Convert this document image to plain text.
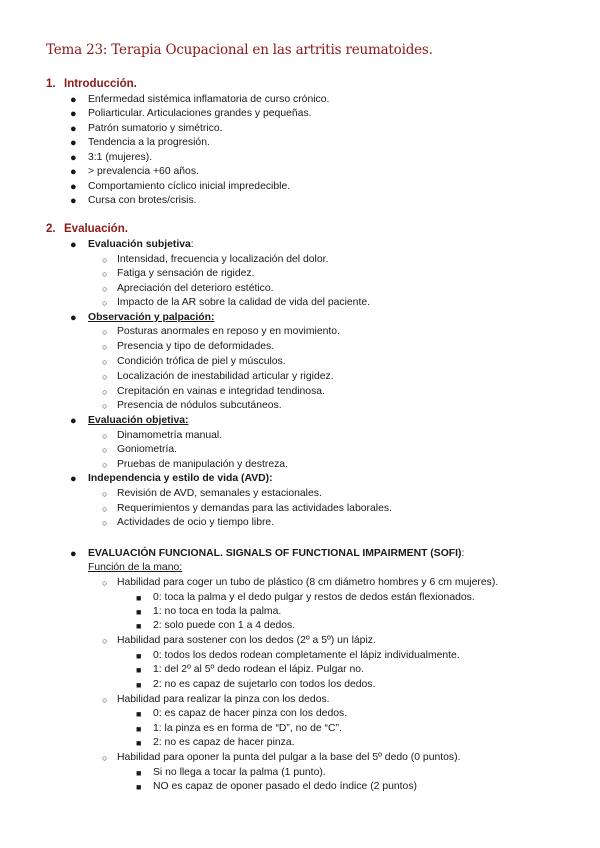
Tema 23: Terapia Ocupacional en las artritis reumatoides.
1. Introducción.
● Enfermedad sistémica inflamatoria de curso crónico.
● Poliarticular. Articulaciones grandes y pequeñas.
● Patrón sumatorio y simétrico.
● Tendencia a la progresión.
● 3:1 (mujeres).
● > prevalencia +60 años.
● Comportamiento cíclico inicial impredecible.
● Cursa con brotes/crisis.
2. Evaluación.
● Evaluación subjetiva:
○ Intensidad, frecuencia y localización del dolor.
○ Fatiga y sensación de rigidez.
○ Apreciación del deterioro estético.
○ Impacto de la AR sobre la calidad de vida del paciente.
● Observación y palpación:
○ Posturas anormales en reposo y en movimiento.
○ Presencia y tipo de deformidades.
○ Condición trófica de piel y músculos.
○ Localización de inestabilidad articular y rigidez.
○ Crepitación en vainas e integridad tendinosa.
○ Presencia de nódulos subcutáneos.
● Evaluación objetiva:
○ Dinamometría manual.
○ Goniometría.
○ Pruebas de manipulación y destreza.
● Independencia y estilo de vida (AVD):
○ Revisión de AVD, semanales y estacionales.
○ Requerimientos y demandas para las actividades laborales.
○ Actividades de ocio y tiempo libre.
● EVALUACIÓN FUNCIONAL. SIGNALS OF FUNCTIONAL IMPAIRMENT (SOFI):
Función de la mano:
○ Habilidad para coger un tubo de plástico (8 cm diámetro hombres y 6 cm mujeres).
■ 0: toca la palma y el dedo pulgar y restos de dedos están flexionados.
■ 1: no toca en toda la palma.
■ 2: solo puede con 1 a 4 dedos.
○ Habilidad para sostener con los dedos (2º a 5º) un lápiz.
■ 0: todos los dedos rodean completamente el lápiz individualmente.
■ 1: del 2º al 5º dedo rodean el lápiz. Pulgar no.
■ 2: no es capaz de sujetarlo con todos los dedos.
○ Habilidad para realizar la pinza con los dedos.
■ 0: es capaz de hacer pinza con los dedos.
■ 1: la pinza es en forma de “D”, no de “C”.
■ 2: no es capaz de hacer pinza.
○ Habilidad para oponer la punta del pulgar a la base del 5º dedo (0 puntos).
■ Si no llega a tocar la palma (1 punto).
■ NO es capaz de oponer pasado el dedo índice (2 puntos)
